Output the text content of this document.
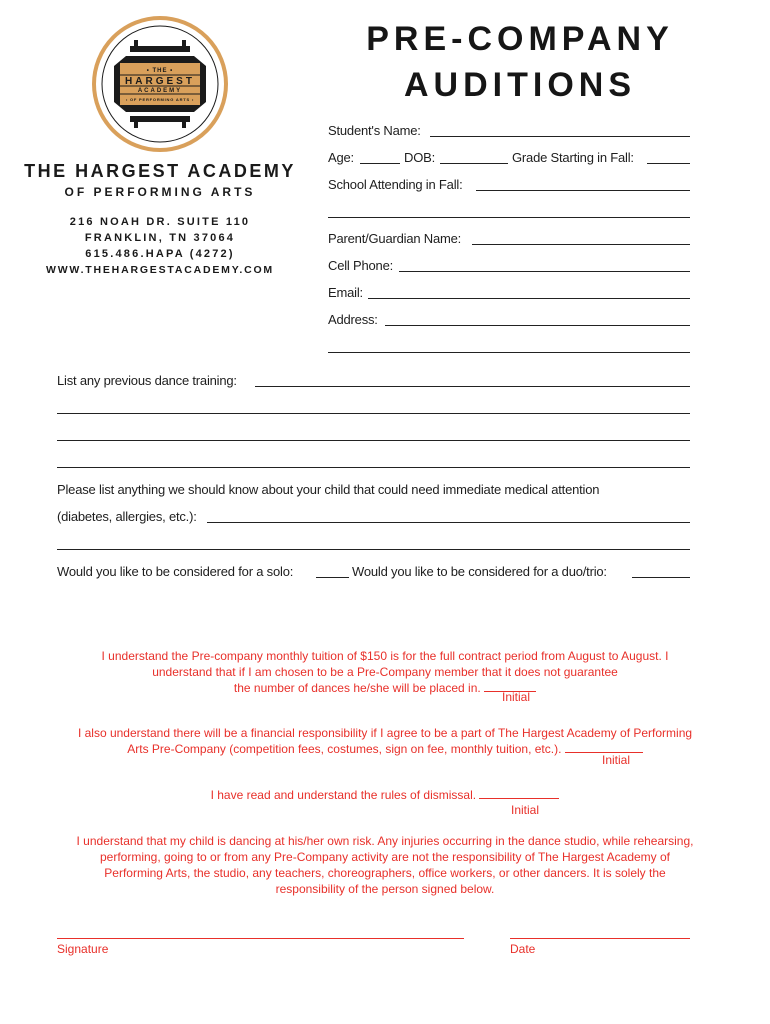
• THE •
HARGEST
ACADEMY
• OF PERFORMING ARTS •
THE HARGEST ACADEMY
OF PERFORMING ARTS
216 NOAH DR. SUITE 110
FRANKLIN, TN 37064
615.486.HAPA (4272)
WWW.THEHARGESTACADEMY.COM
PRE-COMPANY
AUDITIONS
Student's Name:
Age:	DOB:	Grade Starting in Fall:
School Attending in Fall:
Parent/Guardian Name:
Cell Phone:
Email:
Address:
List any previous dance training:
Please list anything we should know about your child that could need immediate medical attention
(diabetes, allergies, etc.):
Would you like to be considered for a solo:	Would you like to be considered for a duo/trio:
I understand the Pre-company monthly tuition of $150 is for the full contract period from August to August. I
understand that if I am chosen to be a Pre-Company member that it does not guarantee
the number of dances he/she will be placed in.
Initial
I also understand there will be a financial responsibility if I agree to be a part of The Hargest Academy of Performing
Arts Pre-Company (competition fees, costumes, sign on fee, monthly tuition, etc.).
Initial
I have read and understand the rules of dismissal.
Initial
I understand that my child is dancing at his/her own risk. Any injuries occurring in the dance studio, while rehearsing,
performing, going to or from any Pre-Company activity are not the responsibility of The Hargest Academy of
Performing Arts, the studio, any teachers, choreographers, office workers, or other dancers. It is solely the
responsibility of the person signed below.
Signature	Date
